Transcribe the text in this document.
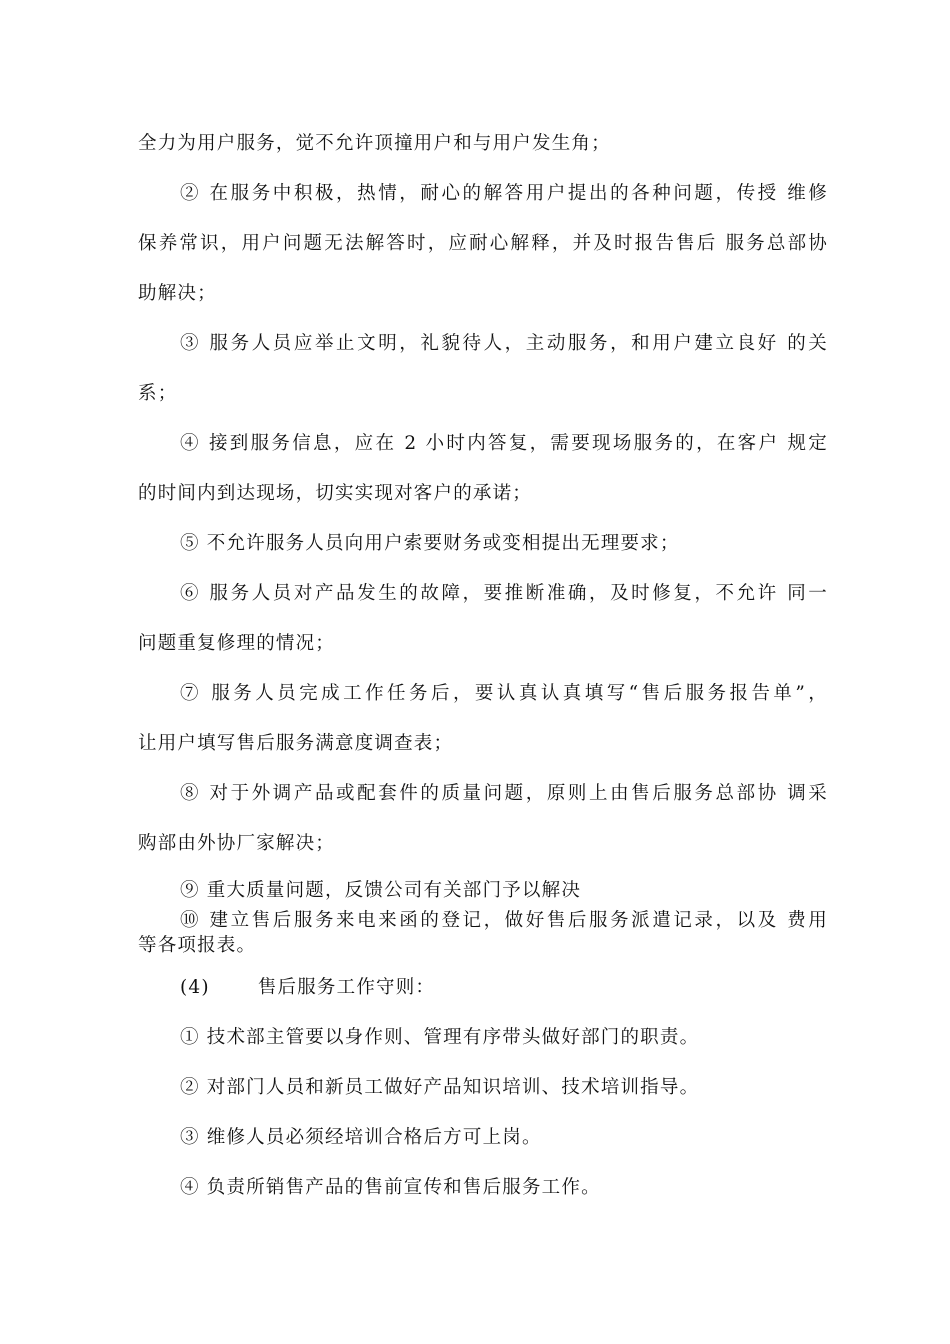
全力为用户服务，觉不允许顶撞用户和与用户发生角；
② 在服务中积极，热情，耐心的解答用户提出的各种问题，传授 维修
保养常识，用户问题无法解答时，应耐心解释，并及时报告售后 服务总部协
助解决；
③ 服务人员应举止文明，礼貌待人，主动服务，和用户建立良好 的关
系；
④ 接到服务信息，应在 2 小时内答复，需要现场服务的，在客户 规定
的时间内到达现场，切实实现对客户的承诺；
⑤ 不允许服务人员向用户索要财务或变相提出无理要求；
⑥ 服务人员对产品发生的故障，要推断准确，及时修复，不允许 同一
问题重复修理的情况；
⑦ 服务人员完成工作任务后，要认真认真填写“售后服务报告单”，
让用户填写售后服务满意度调查表；
⑧ 对于外调产品或配套件的质量问题，原则上由售后服务总部协 调采
购部由外协厂家解决；
⑨ 重大质量问题，反馈公司有关部门予以解决
⑩ 建立售后服务来电来函的登记，做好售后服务派遣记录，以及 费用
等各项报表。
(4)	售后服务工作守则：
① 技术部主管要以身作则、管理有序带头做好部门的职责。
② 对部门人员和新员工做好产品知识培训、技术培训指导。
③ 维修人员必须经培训合格后方可上岗。
④ 负责所销售产品的售前宣传和售后服务工作。
